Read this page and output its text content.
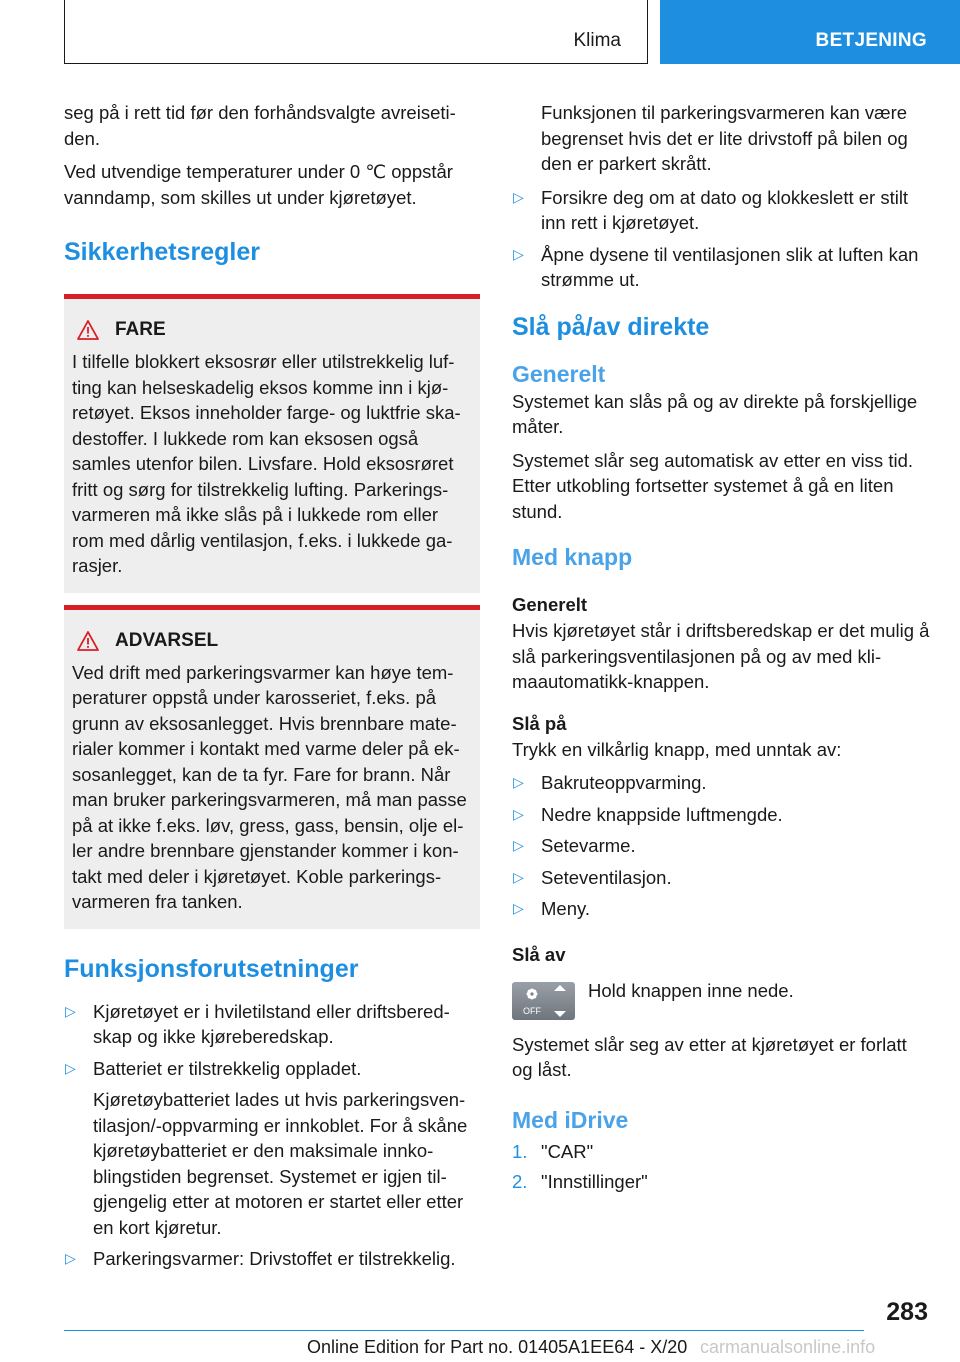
Klima	BETJENING

seg på i rett tid før den forhåndsvalgte avreiseti-den.

Ved utvendige temperaturer under 0 ℃ oppstår vanndamp, som skilles ut under kjøretøyet.

Sikkerhetsregler
FARE

I tilfelle blokkert eksosrør eller utilstrekkelig luf-ting kan helseskadelig eksos komme inn i kjø-retøyet. Eksos inneholder farge- og luktfrie ska-destoffer. I lukkede rom kan eksosen også samles utenfor bilen. Livsfare. Hold eksosrøret fritt og sørg for tilstrekkelig lufting. Parkerings-varmeren må ikke slås på i lukkede rom eller rom med dårlig ventilasjon, f.eks. i lukkede ga-rasjer.

ADVARSEL

Ved drift med parkeringsvarmer kan høye tem-peraturer oppstå under karosseriet, f.eks. på grunn av eksosanlegget. Hvis brennbare mate-rialer kommer i kontakt med varme deler på ek-sosanlegget, kan de ta fyr. Fare for brann. Når man bruker parkeringsvarmeren, må man passe på at ikke f.eks. løv, gress, gass, bensin, olje el-ler andre brennbare gjenstander kommer i kon-takt med deler i kjøretøyet. Koble parkerings-varmeren fra tanken.

Funksjonsforutsetninger
▷ Kjøretøyet er i hviletilstand eller driftsbered-skap og ikke kjøreberedskap.
▷ Batteriet er tilstrekkelig oppladet.
Kjøretøybatteriet lades ut hvis parkeringsven-tilasjon/-oppvarming er innkoblet. For å skåne kjøretøybatteriet er den maksimale innko-blingstiden begrenset. Systemet er igjen til-gjengelig etter at motoren er startet eller etter en kort kjøretur.
▷ Parkeringsvarmer: Drivstoffet er tilstrekkelig.

Funksjonen til parkeringsvarmeren kan være begrenset hvis det er lite drivstoff på bilen og den er parkert skrått.

▷ Forsikre deg om at dato og klokkeslett er stilt inn rett i kjøretøyet.
▷ Åpne dysene til ventilasjonen slik at luften kan strømme ut.
Slå på/av direkte
Generelt

Systemet kan slås på og av direkte på forskjellige måter.

Systemet slår seg automatisk av etter en viss tid. Etter utkobling fortsetter systemet å gå en liten stund.

Med knapp
Generelt

Hvis kjøretøyet står i driftsberedskap er det mulig å slå parkeringsventilasjonen på og av med kli-maautomatikk-knappen.

Slå på

Trykk en vilkårlig knapp, med unntak av:

▷ Bakruteoppvarming.
▷ Nedre knappside luftmengde.
▷ Setevarme.
▷ Seteventilasjon.
▷ Meny.
Slå av
OFF
Hold knappen inne nede.

Systemet slår seg av etter at kjøretøyet er forlatt og låst.

Med iDrive
1. "CAR"
2. "Innstillinger"
283
Online Edition for Part no. 01405A1EE64 - X/20 carmanualsonline.info
